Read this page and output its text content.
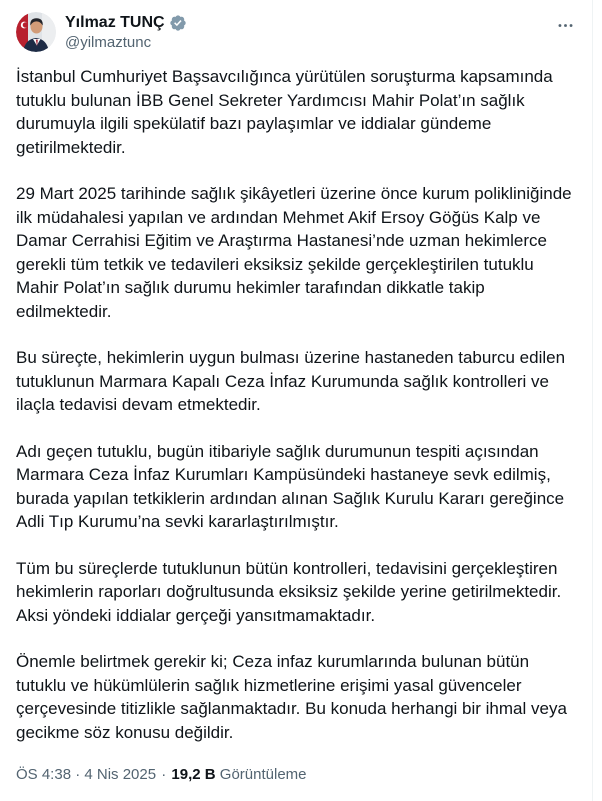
Yılmaz TUNÇ
@yilmaztunc

İstanbul Cumhuriyet Başsavcılığınca yürütülen soruşturma kapsamında tutuklu bulunan İBB Genel Sekreter Yardımcısı Mahir Polat’ın sağlık durumuyla ilgili spekülatif bazı paylaşımlar ve iddialar gündeme getirilmektedir.

29 Mart 2025 tarihinde sağlık şikâyetleri üzerine önce kurum polikliniğinde ilk müdahalesi yapılan ve ardından Mehmet Akif Ersoy Göğüs Kalp ve Damar Cerrahisi Eğitim ve Araştırma Hastanesi’nde uzman hekimlerce gerekli tüm tetkik ve tedavileri eksiksiz şekilde gerçekleştirilen tutuklu Mahir Polat’ın sağlık durumu hekimler tarafından dikkatle takip edilmektedir.

Bu süreçte, hekimlerin uygun bulması üzerine hastaneden taburcu edilen tutuklunun Marmara Kapalı Ceza İnfaz Kurumunda sağlık kontrolleri ve ilaçla tedavisi devam etmektedir.

Adı geçen tutuklu, bugün itibariyle sağlık durumunun tespiti açısından Marmara Ceza İnfaz Kurumları Kampüsündeki hastaneye sevk edilmiş, burada yapılan tetkiklerin ardından alınan Sağlık Kurulu Kararı gereğince Adli Tıp Kurumu’na sevki kararlaştırılmıştır.

Tüm bu süreçlerde tutuklunun bütün kontrolleri, tedavisini gerçekleştiren hekimlerin raporları doğrultusunda eksiksiz şekilde yerine getirilmektedir. Aksi yöndeki iddialar gerçeği yansıtmamaktadır.

Önemle belirtmek gerekir ki; Ceza infaz kurumlarında bulunan bütün tutuklu ve hükümlülerin sağlık hizmetlerine erişimi yasal güvenceler çerçevesinde titizlikle sağlanmaktadır. Bu konuda herhangi bir ihmal veya gecikme söz konusu değildir.

ÖS 4:38 · 4 Nis 2025 · 19,2 B Görüntüleme
